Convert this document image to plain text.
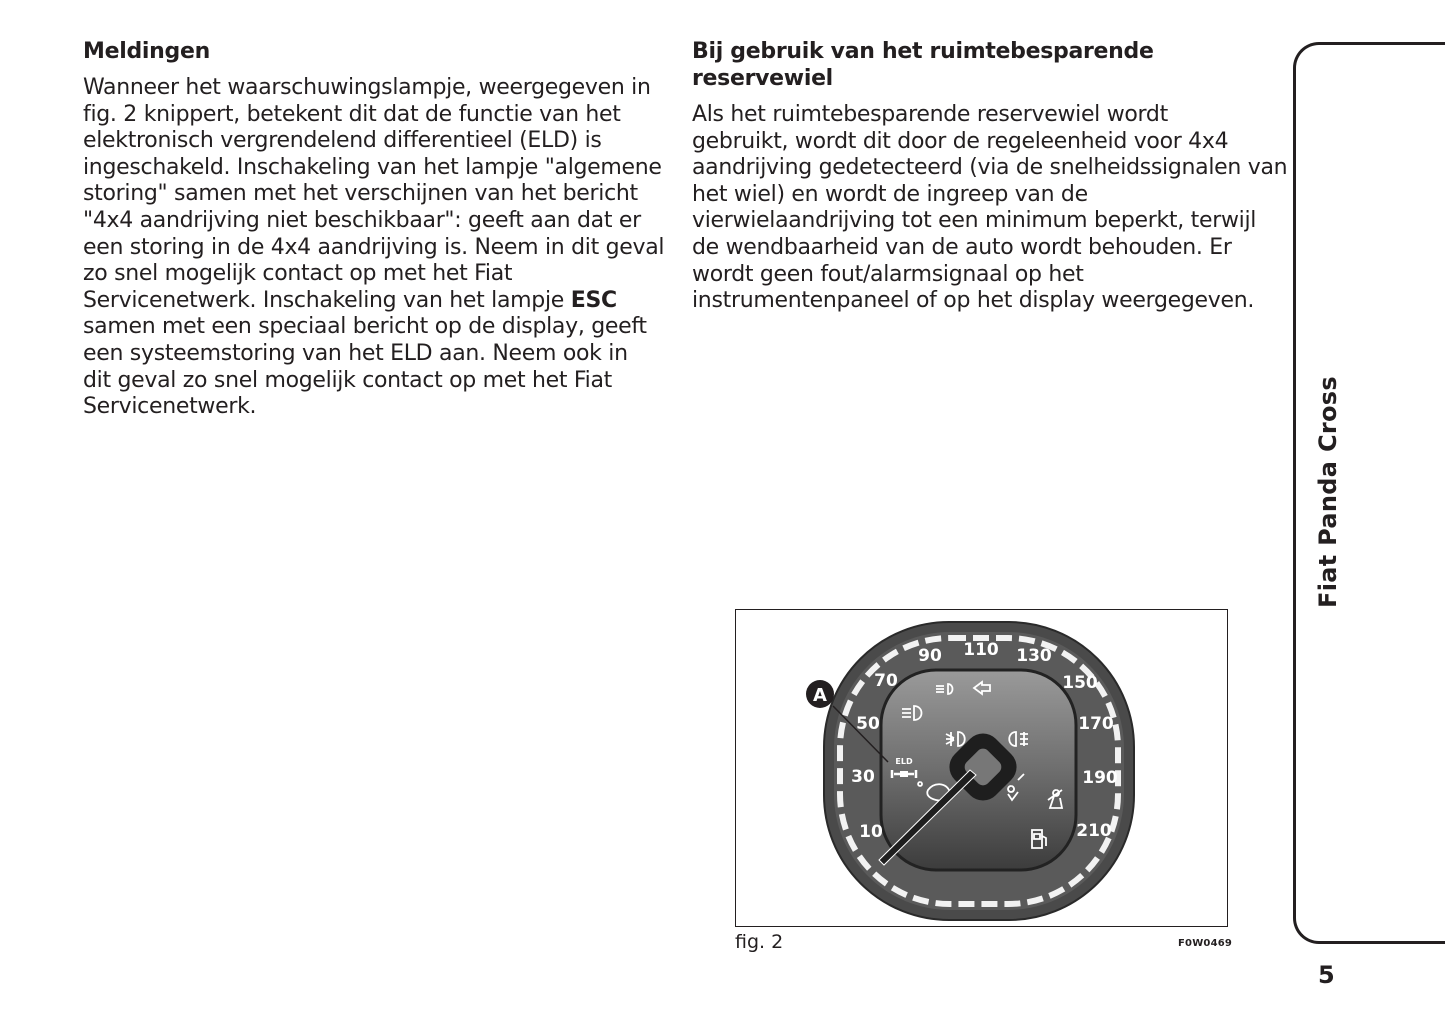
Meldingen

Wanneer het waarschuwingslampje, weergegeven in
fig. 2 knippert, betekent dit dat de functie van het
elektronisch vergrendelend differentieel (ELD) is
ingeschakeld. Inschakeling van het lampje "algemene
storing" samen met het verschijnen van het bericht
"4x4 aandrijving niet beschikbaar": geeft aan dat er
een storing in de 4x4 aandrijving is. Neem in dit geval
zo snel mogelijk contact op met het Fiat
Servicenetwerk. Inschakeling van het lampje ESC
samen met een speciaal bericht op de display, geeft
een systeemstoring van het ELD aan. Neem ook in
dit geval zo snel mogelijk contact op met het Fiat
Servicenetwerk.

Bij gebruik van het ruimtebesparende
reservewiel

Als het ruimtebesparende reservewiel wordt
gebruikt, wordt dit door de regeleenheid voor 4x4
aandrijving gedetecteerd (via de snelheidssignalen van
het wiel) en wordt de ingreep van de
vierwielaandrijving tot een minimum beperkt, terwijl
de wendbaarheid van de auto wordt behouden. Er
wordt geen fout/alarmsignaal op het
instrumentenpaneel of op het display weergegeven.

10
30
50
70
90 110 130
150
170
190
210
ELD
A
fig. 2	F0W0469
Fiat Panda Cross
5
